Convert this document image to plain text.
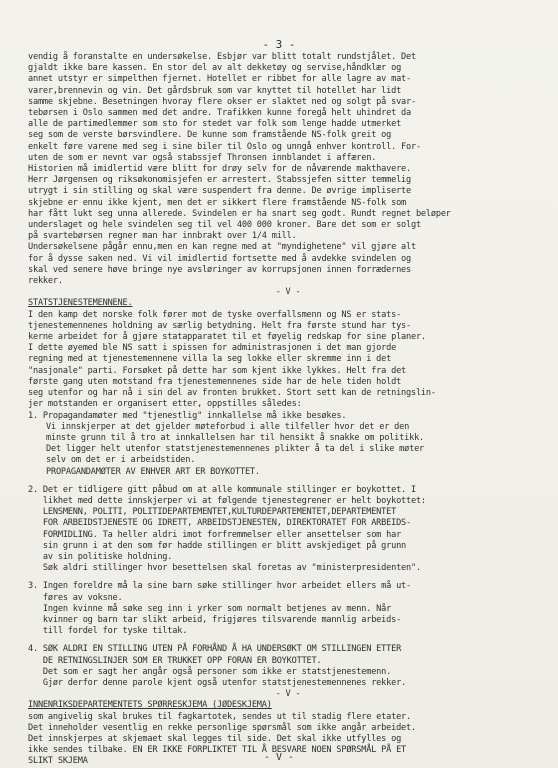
- 3 -
vendig å foranstalte en undersøkelse. Esbjør var blitt totalt rundstjålet. Det
gjaldt ikke bare kassen. En stor del av alt dekketøy og servise,håndklær og
annet utstyr er simpelthen fjernet. Hotellet er ribbet for alle lagre av mat-
varer,brennevin og vin. Det gårdsbruk som var knyttet til hotellet har lidt
samme skjebne. Besetningen hvoray flere okser er slaktet ned og solgt på svar-
tebørsen i Oslo sammen med det andre. Trafikken kunne foregå helt uhindret da
alle de partimedlemmer som sto for stedet var folk som lenge hadde utmerket
seg som de verste børsvindlere. De kunne som framstående NS-folk greit og
enkelt føre varene med seg i sine biler til Oslo og unngå enhver kontroll. For-
uten de som er nevnt var også stabssjef Thronsen innblandet i affæren.
Historien må imidlertid være blitt for drøy selv for de nåværende makthavere.
Herr Jørgensen og riksøkonomisjefen er arrestert. Stabssjefen sitter temmelig
utrygt i sin stilling og skal være suspendert fra denne. De øvrige impliserte
skjebne er ennu ikke kjent, men det er sikkert flere framstående NS-folk som
har fått lukt seg unna allerede. Svindelen er ha snart seg godt. Rundt regnet beløper
underslaget og hele svindelen seg til vel 400 000 kroner. Bare det som er solgt
på svartebørsen regner man har innbrakt over 1/4 mill.
Undersøkelsene pågår ennu,men en kan regne med at "myndighetene" vil gjøre alt
for å dysse saken ned. Vi vil imidlertid fortsette med å avdekke svindelen og
skal ved senere høve bringe nye avsløringer av korrupsjonen innen forrædernes
rekker.
- V -
STATSTJENESTEMENNENE.
I den kamp det norske folk fører mot de tyske overfallsmenn og NS er stats-
tjenestemennenes holdning av særlig betydning. Helt fra første stund har tys-
kerne arbeidet for å gjøre statapparatet til et føyelig redskap for sine planer.
I dette øyemed ble NS satt i spissen for administrasjonen i det man gjorde
regning med at tjenestemennene villa la seg lokke eller skremme inn i det
"nasjonale" parti. Forsøket på dette har som kjent ikke lykkes. Helt fra det
første gang uten motstand fra tjenestemennenes side har de hele tiden holdt
seg utenfor og har nå i sin del av fronten brukket. Stort sett kan de retningslin-
jer motstanden er organisert etter, oppstilles således:
1. Propagandamøter med "tjenestlig" innkallelse må ikke besøkes.
Vi innskjerper at det gjelder møteforbud i alle tilfeller hvor det er den
minste grunn til å tro at innkallelsen har til hensikt å snakke om politikk.
Det ligger helt utenfor statstjenestemennenes plikter å ta del i slike møter
selv om det er i arbeidstiden.
PROPAGANDAMØTER AV ENHVER ART ER BOYKOTTET.
2. Det er tidligere gitt påbud om at alle kommunale stillinger er boykottet. I
likhet med dette innskjerper vi at følgende tjenestegrener er helt boykottet:
LENSMENN, POLITI, POLITIDEPARTEMENTET,KULTURDEPARTEMENTET,DEPARTEMENTET
FOR ARBEIDSTJENESTE OG IDRETT, ARBEIDSTJENESTEN, DIREKTORATET FOR ARBEIDS-
FORMIDLING. Ta heller aldri imot forfremmelser eller ansettelser som har
sin grunn i at den som før hadde stillingen er blitt avskjediget på grunn
av sin politiske holdning.
Søk aldri stillinger hvor besettelsen skal foretas av "ministerpresidenten".
3. Ingen foreldre må la sine barn søke stillinger hvor arbeidet ellers må ut-
føres av voksne.
Ingen kvinne må søke seg inn i yrker som normalt betjenes av menn. Når
kvinner og barn tar slikt arbeid, frigjøres tilsvarende mannlig arbeids-
till fordel for tyske tiltak.
4. SØK ALDRI EN STILLING UTEN PÅ FORHÅND Å HA UNDERSØKT OM STILLINGEN ETTER
DE RETNINGSLINJER SOM ER TRUKKET OPP FORAN ER BOYKOTTET.
Det som er sagt her angår også personer som ikke er statstjenestemenn.
Gjør derfor denne parole kjent også utenfor statstjenestemennenes rekker.
- V -
INNENRIKSDEPARTEMENTETS SPØRRESKJEMA (JØDESKJEMA)
som angivelig skal brukes til fagkartotek, sendes ut til stadig flere etater.
Det inneholder vesentlig en rekke personlige spørsmål som ikke angår arbeidet.
Det innskjerpes at skjemaet skal legges til side. Det skal ikke utfylles og
ikke sendes tilbake. EN ER IKKE FORPLIKTET TIL Å BESVARE NOEN SPØRSMÅL PÅ ET
SLIKT SKJEMA	- V -
